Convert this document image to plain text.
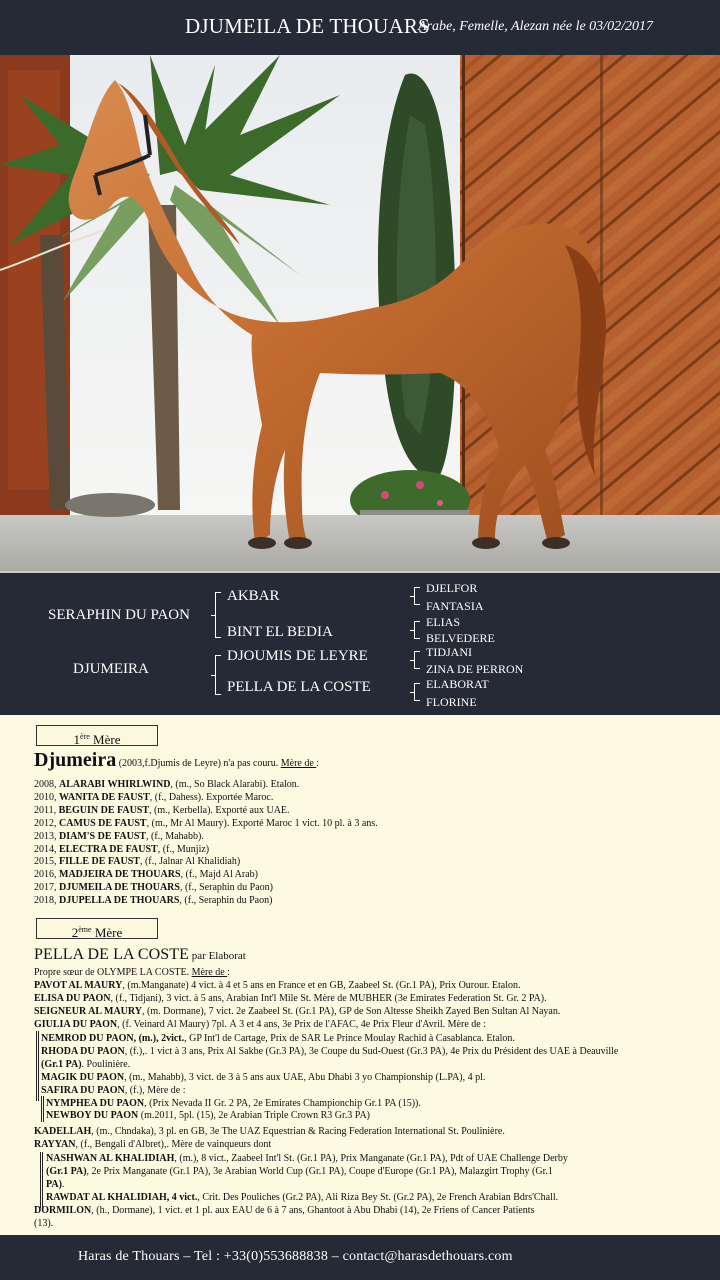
DJUMEILA DE THOUARS
Arabe, Femelle, Alezan née le 03/02/2017
SERAPHIN DU PAON
DJUMEIRA
AKBAR
BINT EL BEDIA
DJOUMIS DE LEYRE
PELLA DE LA COSTE
DJELFOR
FANTASIA
ELIAS
BELVEDERE
TIDJANI
ZINA DE PERRON
ELABORAT
FLORINE
1ère Mère
Djumeira (2003,f.Djumis de Leyre) n'a pas couru. Mère de :
2008, ALARABI WHIRLWIND, (m., So Black Alarabi). Etalon.
2010, WANITA DE FAUST, (f., Dahess). Exportée Maroc.
2011, BEGUIN DE FAUST, (m., Kerbella). Exporté aux UAE.
2012, CAMUS DE FAUST, (m., Mr Al Maury). Exporté Maroc 1 vict. 10 pl. à 3 ans.
2013, DIAM'S DE FAUST, (f., Mahabb).
2014, ELECTRA DE FAUST, (f., Munjiz)
2015, FILLE DE FAUST, (f., Jalnar Al Khalidiah)
2016, MADJEIRA DE THOUARS, (f., Majd Al Arab)
2017, DJUMEILA DE THOUARS, (f., Seraphin du Paon)
2018, DJUPELLA DE THOUARS, (f., Seraphin du Paon)
2ème Mère
PELLA DE LA COSTE par Elaborat
Propre sœur de OLYMPE LA COSTE. Mère de :
PAVOT AL MAURY, (m.Manganate) 4 vict. à 4 et 5 ans en France et en GB, Zaabeel St. (Gr.1 PA), Prix Ourour. Etalon.
ELISA DU PAON, (f., Tidjani), 3 vict. à 5 ans, Arabian Int'l Mile St. Mère de MUBHER (3e Emirates Federation St. Gr. 2 PA).
SEIGNEUR AL MAURY, (m. Dormane), 7 vict. 2e Zaabeel St. (Gr.1 PA), GP de Son Altesse Sheikh Zayed Ben Sultan Al Nayan.
GIULIA DU PAON, (f. Veinard Al Maury) 7pl. À 3 et 4 ans, 3e Prix de l'AFAC, 4e Prix Fleur d'Avril. Mère de :
NEMROD DU PAON, (m.), 2vict., GP Int'l de Cartage, Prix de SAR Le Prince Moulay Rachid à Casablanca. Etalon.
RHODA DU PAON, (f.),. 1 vict à 3 ans, Prix Al Sakbe (Gr.3 PA), 3e Coupe du Sud-Ouest (Gr.3 PA), 4e Prix du Président des UAE à Deauville
(Gr.1 PA). Poulinière.
MAGIK DU PAON, (m., Mahabb), 3 vict. de 3 à 5 ans aux UAE, Abu Dhabi 3 yo Championship (L.PA), 4 pl.
SAFIRA DU PAON, (f.), Mère de :
NYMPHEA DU PAON, (Prix Nevada II Gr. 2 PA, 2e Emirates Championchip Gr.1 PA (15)).
NEWBOY DU PAON (m.2011, 5pl. (15), 2e Arabian Triple Crown R3 Gr.3 PA)
KADELLAH, (m., Chndaka), 3 pl. en GB, 3e The UAZ Equestrian & Racing Federation International St. Poulinière.
RAYYAN, (f., Bengali d'Albret),. Mère de vainqueurs dont
NASHWAN AL KHALIDIAH, (m.), 8 vict., Zaabeel Int'l St. (Gr.1 PA), Prix Manganate (Gr.1 PA), Pdt of UAE Challenge Derby
(Gr.1 PA), 2e Prix Manganate (Gr.1 PA), 3e Arabian World Cup (Gr.1 PA), Coupe d'Europe (Gr.1 PA), Malazgirt Trophy (Gr.1
PA).
RAWDAT AL KHALIDIAH, 4 vict., Crit. Des Pouliches (Gr.2 PA), Ali Riza Bey St. (Gr.2 PA), 2e French Arabian Bdrs'Chall.
DORMILON, (h., Dormane), 1 vict. et 1 pl. aux EAU de 6 à 7 ans, Ghantoot à Abu Dhabi (14), 2e Friens of Cancer Patients
(13).
Haras de Thouars – Tel : +33(0)553688838 – contact@harasdethouars.com
